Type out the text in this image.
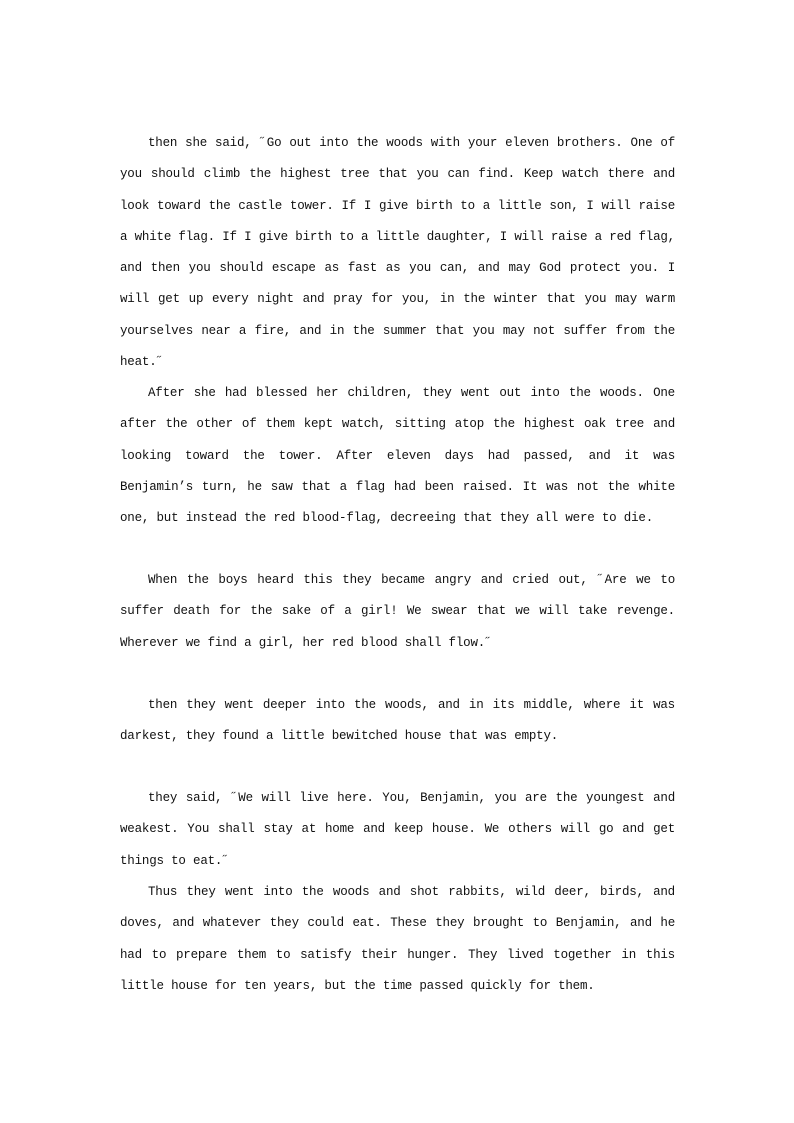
then she said, ˝Go out into the woods with your eleven brothers. One of you should climb the highest tree that you can find. Keep watch there and look toward the castle tower. If I give birth to a little son, I will raise a white flag. If I give birth to a little daughter, I will raise a red flag, and then you should escape as fast as you can, and may God protect you. I will get up every night and pray for you, in the winter that you may warm yourselves near a fire, and in the summer that you may not suffer from the heat.˝

After she had blessed her children, they went out into the woods. One after the other of them kept watch, sitting atop the highest oak tree and looking toward the tower. After eleven days had passed, and it was Benjamin’s turn, he saw that a flag had been raised. It was not the white one, but instead the red blood-flag, decreeing that they all were to die.

When the boys heard this they became angry and cried out, ˝Are we to suffer death for the sake of a girl! We swear that we will take revenge. Wherever we find a girl, her red blood shall flow.˝

then they went deeper into the woods, and in its middle, where it was darkest, they found a little bewitched house that was empty.

they said, ˝We will live here. You, Benjamin, you are the youngest and weakest. You shall stay at home and keep house. We others will go and get things to eat.˝

Thus they went into the woods and shot rabbits, wild deer, birds, and doves, and whatever they could eat. These they brought to Benjamin, and he had to prepare them to satisfy their hunger. They lived together in this little house for ten years, but the time passed quickly for them.
